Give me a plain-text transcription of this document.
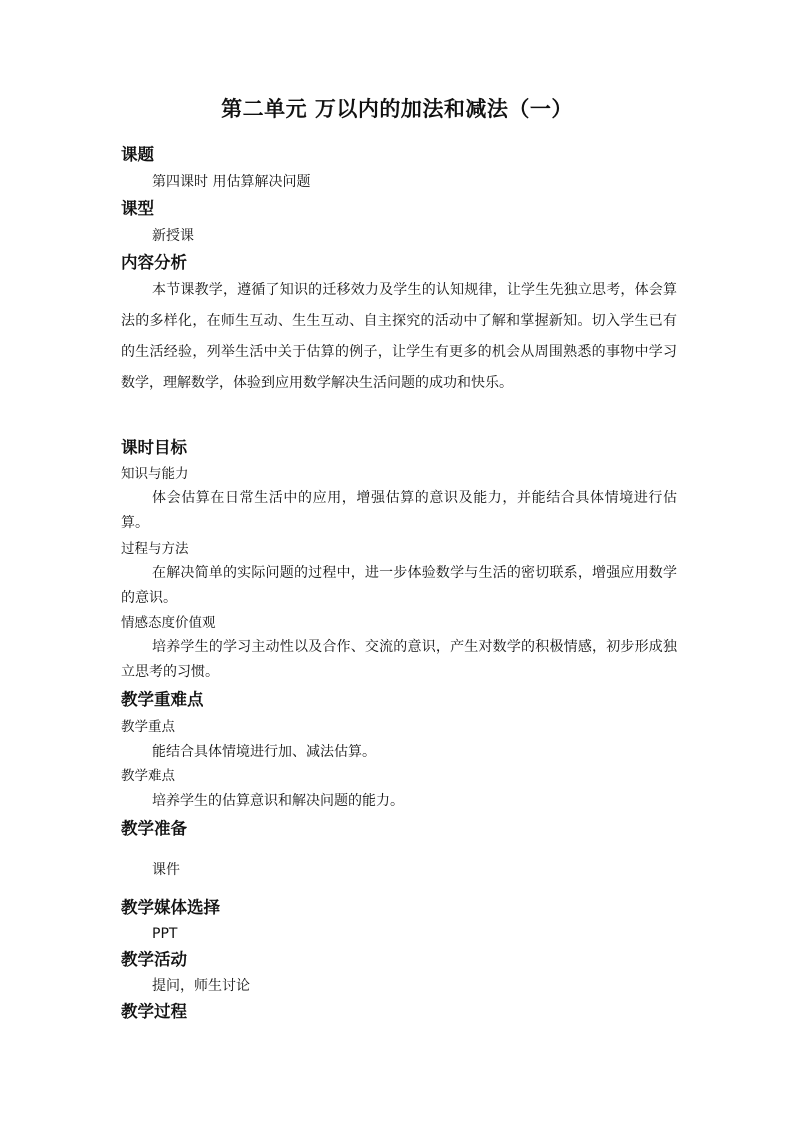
第二单元 万以内的加法和减法（一）
课题
第四课时 用估算解决问题
课型
新授课
内容分析
本节课教学，遵循了知识的迁移效力及学生的认知规律，让学生先独立思考，体会算法的多样化，在师生互动、生生互动、自主探究的活动中了解和掌握新知。切入学生已有的生活经验，列举生活中关于估算的例子，让学生有更多的机会从周围熟悉的事物中学习数学，理解数学，体验到应用数学解决生活问题的成功和快乐。
课时目标
知识与能力
体会估算在日常生活中的应用，增强估算的意识及能力，并能结合具体情境进行估算。
过程与方法
在解决简单的实际问题的过程中，进一步体验数学与生活的密切联系，增强应用数学的意识。
情感态度价值观
培养学生的学习主动性以及合作、交流的意识，产生对数学的积极情感，初步形成独立思考的习惯。
教学重难点
教学重点
能结合具体情境进行加、减法估算。
教学难点
培养学生的估算意识和解决问题的能力。
教学准备
课件
教学媒体选择
PPT
教学活动
提问，师生讨论
教学过程
